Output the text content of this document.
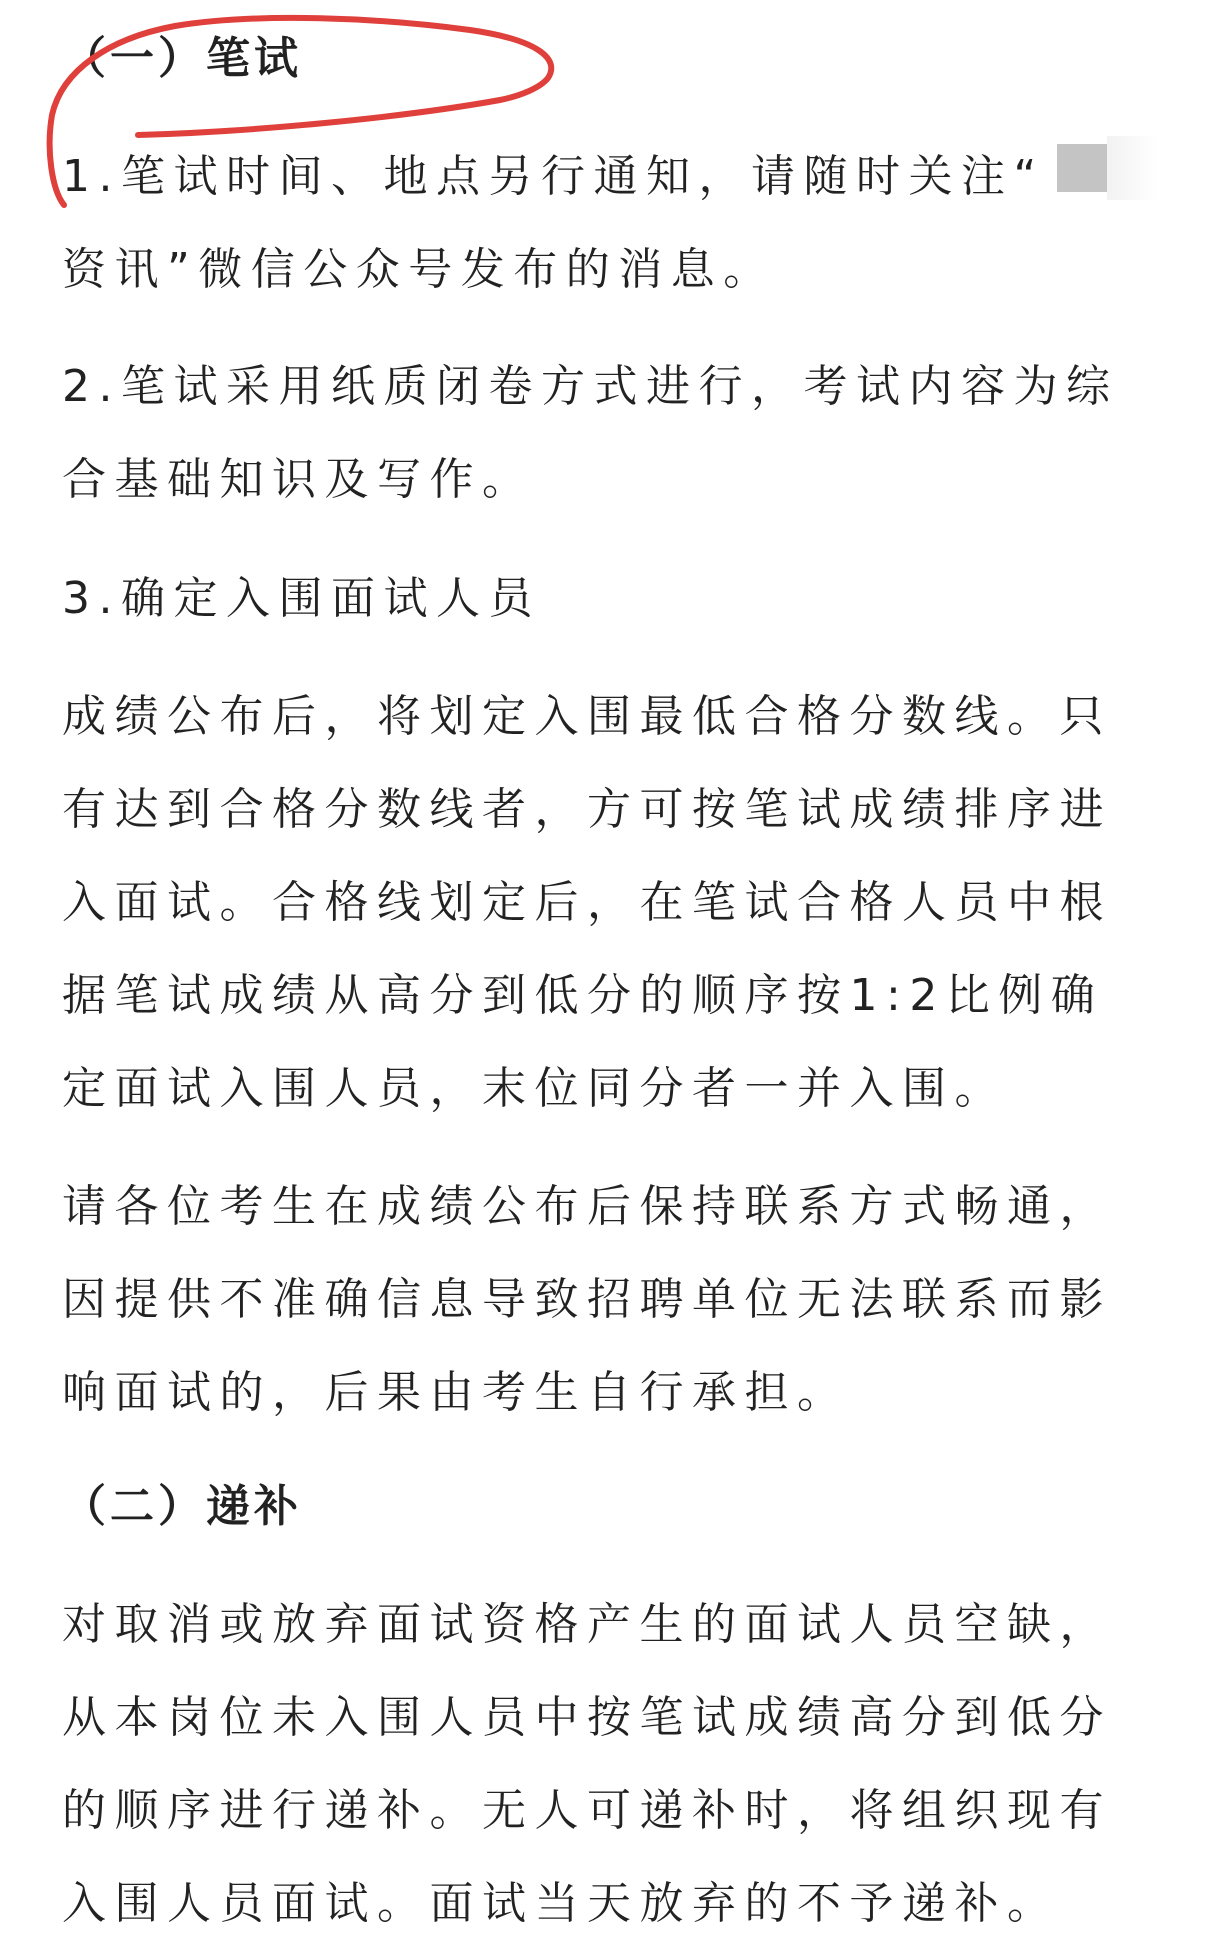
（一）笔试
1.笔试时间、地点另行通知，请随时关注“
资讯”微信公众号发布的消息。
2.笔试采用纸质闭卷方式进行，考试内容为综合基础知识及写作。
3.确定入围面试人员
成绩公布后，将划定入围最低合格分数线。只有达到合格分数线者，方可按笔试成绩排序进入面试。合格线划定后，在笔试合格人员中根据笔试成绩从高分到低分的顺序按1:2比例确定面试入围人员，末位同分者一并入围。
请各位考生在成绩公布后保持联系方式畅通，因提供不准确信息导致招聘单位无法联系而影响面试的，后果由考生自行承担。
（二）递补
对取消或放弃面试资格产生的面试人员空缺，从本岗位未入围人员中按笔试成绩高分到低分的顺序进行递补。无人可递补时，将组织现有入围人员面试。面试当天放弃的不予递补。
